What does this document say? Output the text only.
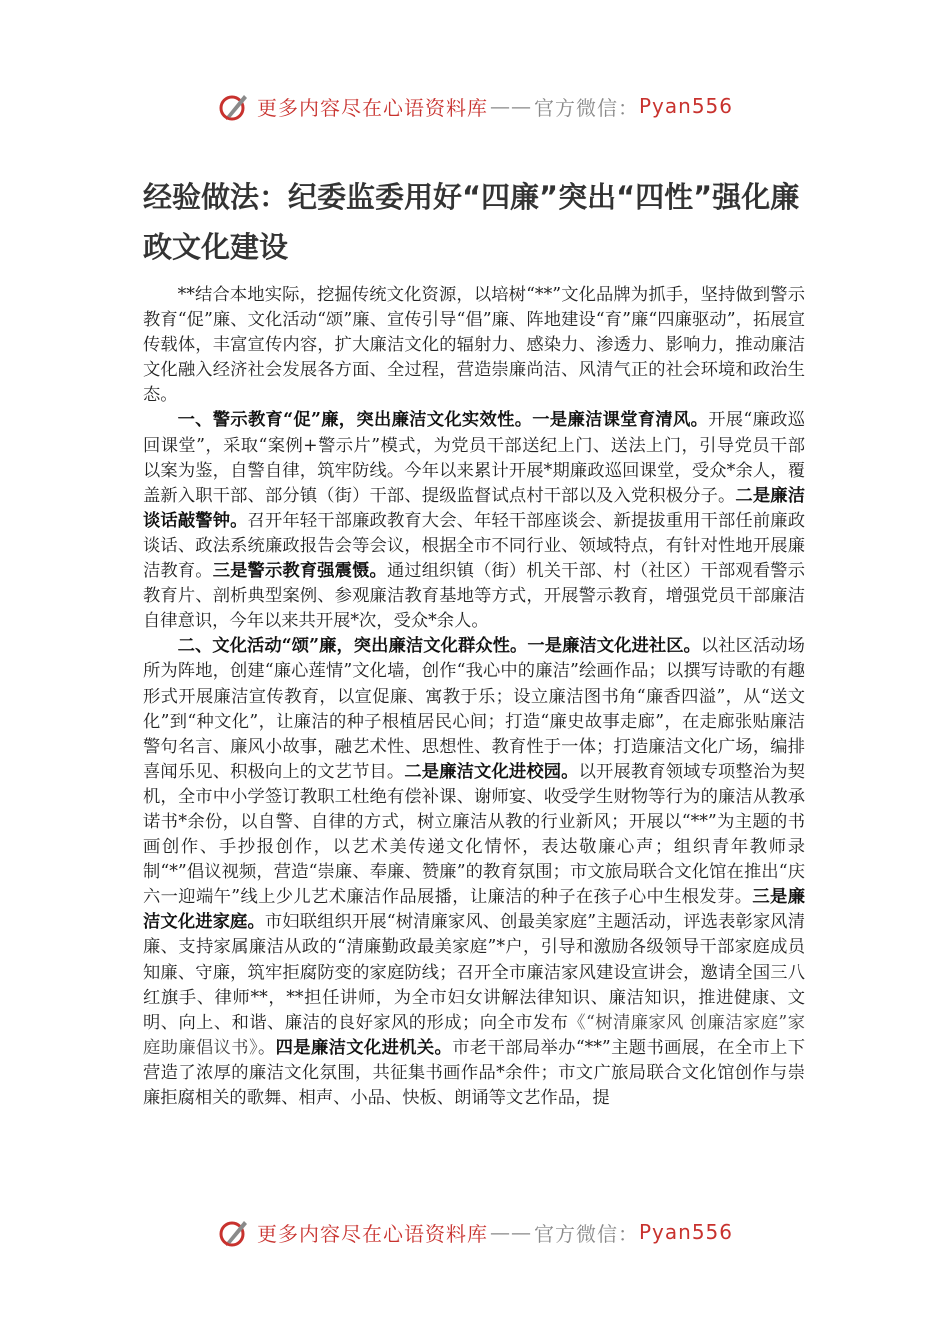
更多内容尽在心语资料库 —— 官方微信： Pyan556
经验做法：纪委监委用好“四廉”突出“四性”强化廉政文化建设

**结合本地实际，挖掘传统文化资源，以培树“**”文化品牌为抓手，坚持做到警示教育“促”廉、文化活动“颂”廉、宣传引导“倡”廉、阵地建设“育”廉“四廉驱动”，拓展宣传载体，丰富宣传内容，扩大廉洁文化的辐射力、感染力、渗透力、影响力，推动廉洁文化融入经济社会发展各方面、全过程，营造崇廉尚洁、风清气正的社会环境和政治生态。

一、警示教育“促”廉，突出廉洁文化实效性。一是廉洁课堂育清风。开展“廉政巡回课堂”，采取“案例+警示片”模式，为党员干部送纪上门、送法上门，引导党员干部以案为鉴，自警自律，筑牢防线。今年以来累计开展*期廉政巡回课堂，受众*余人，覆盖新入职干部、部分镇（街）干部、提级监督试点村干部以及入党积极分子。二是廉洁谈话敲警钟。召开年轻干部廉政教育大会、年轻干部座谈会、新提拔重用干部任前廉政谈话、政法系统廉政报告会等会议，根据全市不同行业、领域特点，有针对性地开展廉洁教育。三是警示教育强震慑。通过组织镇（街）机关干部、村（社区）干部观看警示教育片、剖析典型案例、参观廉洁教育基地等方式，开展警示教育，增强党员干部廉洁自律意识，今年以来共开展*次，受众*余人。

二、文化活动“颂”廉，突出廉洁文化群众性。一是廉洁文化进社区。以社区活动场所为阵地，创建“廉心莲情”文化墙，创作“我心中的廉洁”绘画作品；以撰写诗歌的有趣形式开展廉洁宣传教育，以宣促廉、寓教于乐；设立廉洁图书角“廉香四溢”，从“送文化”到“种文化”，让廉洁的种子根植居民心间；打造“廉史故事走廊”，在走廊张贴廉洁警句名言、廉风小故事，融艺术性、思想性、教育性于一体；打造廉洁文化广场，编排喜闻乐见、积极向上的文艺节目。二是廉洁文化进校园。以开展教育领域专项整治为契机，全市中小学签订教职工杜绝有偿补课、谢师宴、收受学生财物等行为的廉洁从教承诺书*余份，以自警、自律的方式，树立廉洁从教的行业新风；开展以“**”为主题的书画创作、手抄报创作，以艺术美传递文化情怀，表达敬廉心声；组织青年教师录制“*”倡议视频，营造“崇廉、奉廉、赞廉”的教育氛围；市文旅局联合文化馆在推出“庆六一迎端午”线上少儿艺术廉洁作品展播，让廉洁的种子在孩子心中生根发芽。三是廉洁文化进家庭。市妇联组织开展“树清廉家风、创最美家庭”主题活动，评选表彰家风清廉、支持家属廉洁从政的“清廉勤政最美家庭”*户，引导和激励各级领导干部家庭成员知廉、守廉，筑牢拒腐防变的家庭防线；召开全市廉洁家风建设宣讲会，邀请全国三八红旗手、律师**，**担任讲师，为全市妇女讲解法律知识、廉洁知识，推进健康、文明、向上、和谐、廉洁的良好家风的形成；向全市发布《“树清廉家风 创廉洁家庭”家庭助廉倡议书》。四是廉洁文化进机关。市老干部局举办“**”主题书画展，在全市上下营造了浓厚的廉洁文化氛围，共征集书画作品*余件；市文广旅局联合文化馆创作与崇廉拒腐相关的歌舞、相声、小品、快板、朗诵等文艺作品，提

更多内容尽在心语资料库 —— 官方微信： Pyan556
